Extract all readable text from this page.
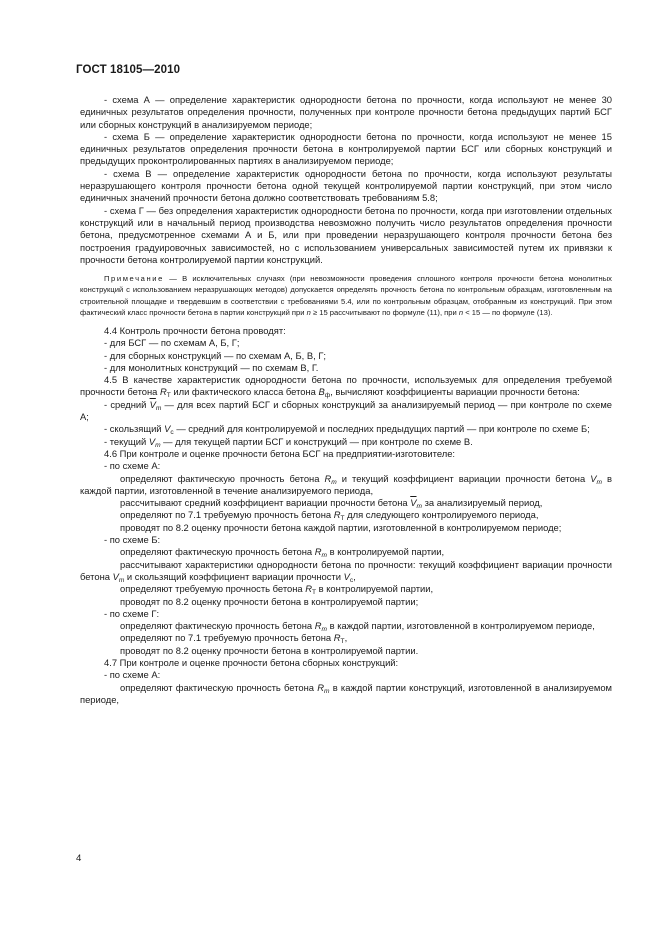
ГОСТ 18105—2010

- схема А — определение характеристик однородности бетона по прочности, когда используют не менее 30 единичных результатов определения прочности, полученных при контроле прочности бетона предыдущих партий БСГ или сборных конструкций в анализируемом периоде;

- схема Б — определение характеристик однородности бетона по прочности, когда используют не менее 15 единичных результатов определения прочности бетона в контролируемой партии БСГ или сборных конструкций и предыдущих проконтролированных партиях в анализируемом периоде;

- схема В — определение характеристик однородности бетона по прочности, когда используют результаты неразрушающего контроля прочности бетона одной текущей контролируемой партии конструкций, при этом число единичных значений прочности бетона должно соответствовать требованиям 5.8;

- схема Г — без определения характеристик однородности бетона по прочности, когда при изготовлении отдельных конструкций или в начальный период производства невозможно получить число результатов определения прочности бетона, предусмотренное схемами А и Б, или при проведении неразрушающего контроля прочности бетона без построения градуировочных зависимостей, но с использованием универсальных зависимостей путем их привязки к прочности бетона контролируемой партии конструкций.

Примечание — В исключительных случаях (при невозможности проведения сплошного контроля прочности бетона монолитных конструкций с использованием неразрушающих методов) допускается определять прочность бетона по контрольным образцам, изготовленным на строительной площадке и твердевшим в соответствии с требованиями 5.4, или по контрольным образцам, отобранным из конструкций. При этом фактический класс прочности бетона в партии конструкций при n ≥ 15 рассчитывают по формуле (11), при n < 15 — по формуле (13).

4.4 Контроль прочности бетона проводят:

- для БСГ — по схемам А, Б, Г;

- для сборных конструкций — по схемам А, Б, В, Г;

- для монолитных конструкций — по схемам В, Г.

4.5 В качестве характеристик однородности бетона по прочности, используемых для определения требуемой прочности бетона $R_Т$ или фактического класса бетона $B_ф$, вычисляют коэффициенты вариации прочности бетона:

- средний $\overline{V}_m$ — для всех партий БСГ и сборных конструкций за анализируемый период — при контроле по схеме А;

- скользящий $V_с$ — средний для контролируемой и последних предыдущих партий — при контроле по схеме Б;

- текущий $V_m$ — для текущей партии БСГ и конструкций — при контроле по схеме В.

4.6 При контроле и оценке прочности бетона БСГ на предприятии-изготовителе:

- по схеме А:

определяют фактическую прочность бетона $R_m$ и текущий коэффициент вариации прочности бетона $V_m$ в каждой партии, изготовленной в течение анализируемого периода,

рассчитывают средний коэффициент вариации прочности бетона $\overline{V}_m$ за анализируемый период,

определяют по 7.1 требуемую прочность бетона $R_Т$ для следующего контролируемого периода,

проводят по 8.2 оценку прочности бетона каждой партии, изготовленной в контролируемом периоде;

- по схеме Б:

определяют фактическую прочность бетона $R_m$ в контролируемой партии,

рассчитывают характеристики однородности бетона по прочности: текущий коэффициент вариации прочности бетона $V_m$ и скользящий коэффициент вариации прочности $V_с$,

определяют требуемую прочность бетона $R_Т$ в контролируемой партии,

проводят по 8.2 оценку прочности бетона в контролируемой партии;

- по схеме Г:

определяют фактическую прочность бетона $R_m$ в каждой партии, изготовленной в контролируемом периоде,

определяют по 7.1 требуемую прочность бетона $R_Т$,

проводят по 8.2 оценку прочности бетона в контролируемой партии.

4.7 При контроле и оценке прочности бетона сборных конструкций:

- по схеме А:

определяют фактическую прочность бетона $R_m$ в каждой партии конструкций, изготовленной в анализируемом периоде,

4
